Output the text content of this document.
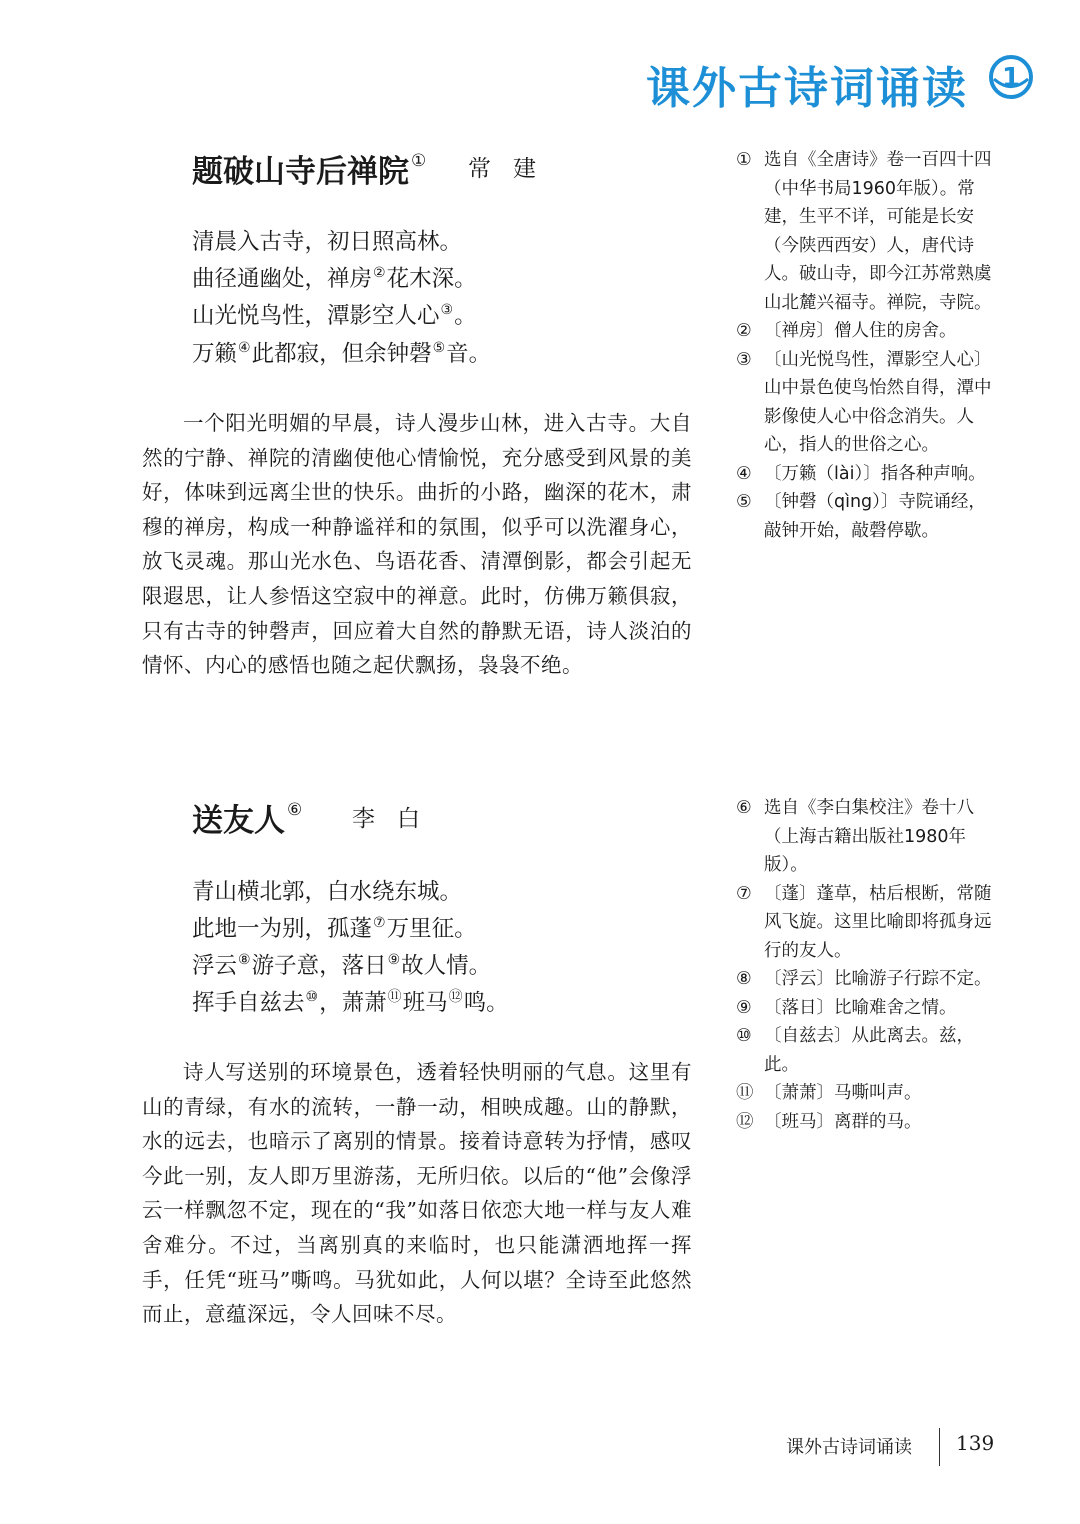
课外古诗词诵读 1
题破山寺后禅院 ① 常建
清晨入古寺，初日照高林。
曲径通幽处，禅房②花木深。
山光悦鸟性，潭影空人心③。
万籁④此都寂，但余钟磬⑤音。

一个阳光明媚的早晨，诗人漫步山林，进入古寺。大自然的宁静、禅院的清幽使他心情愉悦，充分感受到风景的美好，体味到远离尘世的快乐。曲折的小路，幽深的花木，肃穆的禅房，构成一种静谧祥和的氛围，似乎可以洗濯身心，放飞灵魂。那山光水色、鸟语花香、清潭倒影，都会引起无限遐思，让人参悟这空寂中的禅意。此时，仿佛万籁俱寂，只有古寺的钟磬声，回应着大自然的静默无语，诗人淡泊的情怀、内心的感悟也随之起伏飘扬，袅袅不绝。

① 选自《全唐诗》卷一百四十四（中华书局1960年版）。常建，生平不详，可能是长安（今陕西西安）人，唐代诗人。破山寺，即今江苏常熟虞山北麓兴福寺。禅院，寺院。
② 〔禅房〕僧人住的房舍。
③ 〔山光悦鸟性，潭影空人心〕山中景色使鸟怡然自得，潭中影像使人心中俗念消失。人心，指人的世俗之心。
④ 〔万籁（lài）〕指各种声响。
⑤ 〔钟磬（qìng）〕寺院诵经，敲钟开始，敲磬停歇。
送友人 ⑥ 李白
青山横北郭，白水绕东城。
此地一为别，孤蓬⑦万里征。
浮云⑧游子意，落日⑨故人情。
挥手自兹去⑩，萧萧⑪班马⑫鸣。

诗人写送别的环境景色，透着轻快明丽的气息。这里有山的青绿，有水的流转，一静一动，相映成趣。山的静默，水的远去，也暗示了离别的情景。接着诗意转为抒情，感叹今此一别，友人即万里游荡，无所归依。以后的“他”会像浮云一样飘忽不定，现在的“我”如落日依恋大地一样与友人难舍难分。不过，当离别真的来临时，也只能潇洒地挥一挥手，任凭“班马”嘶鸣。马犹如此，人何以堪？全诗至此悠然而止，意蕴深远，令人回味不尽。

⑥ 选自《李白集校注》卷十八（上海古籍出版社1980年版）。
⑦ 〔蓬〕蓬草，枯后根断，常随风飞旋。这里比喻即将孤身远行的友人。
⑧ 〔浮云〕比喻游子行踪不定。
⑨ 〔落日〕比喻难舍之情。
⑩ 〔自兹去〕从此离去。兹，此。
⑪ 〔萧萧〕马嘶叫声。
⑫ 〔班马〕离群的马。
课外古诗词诵读 139
